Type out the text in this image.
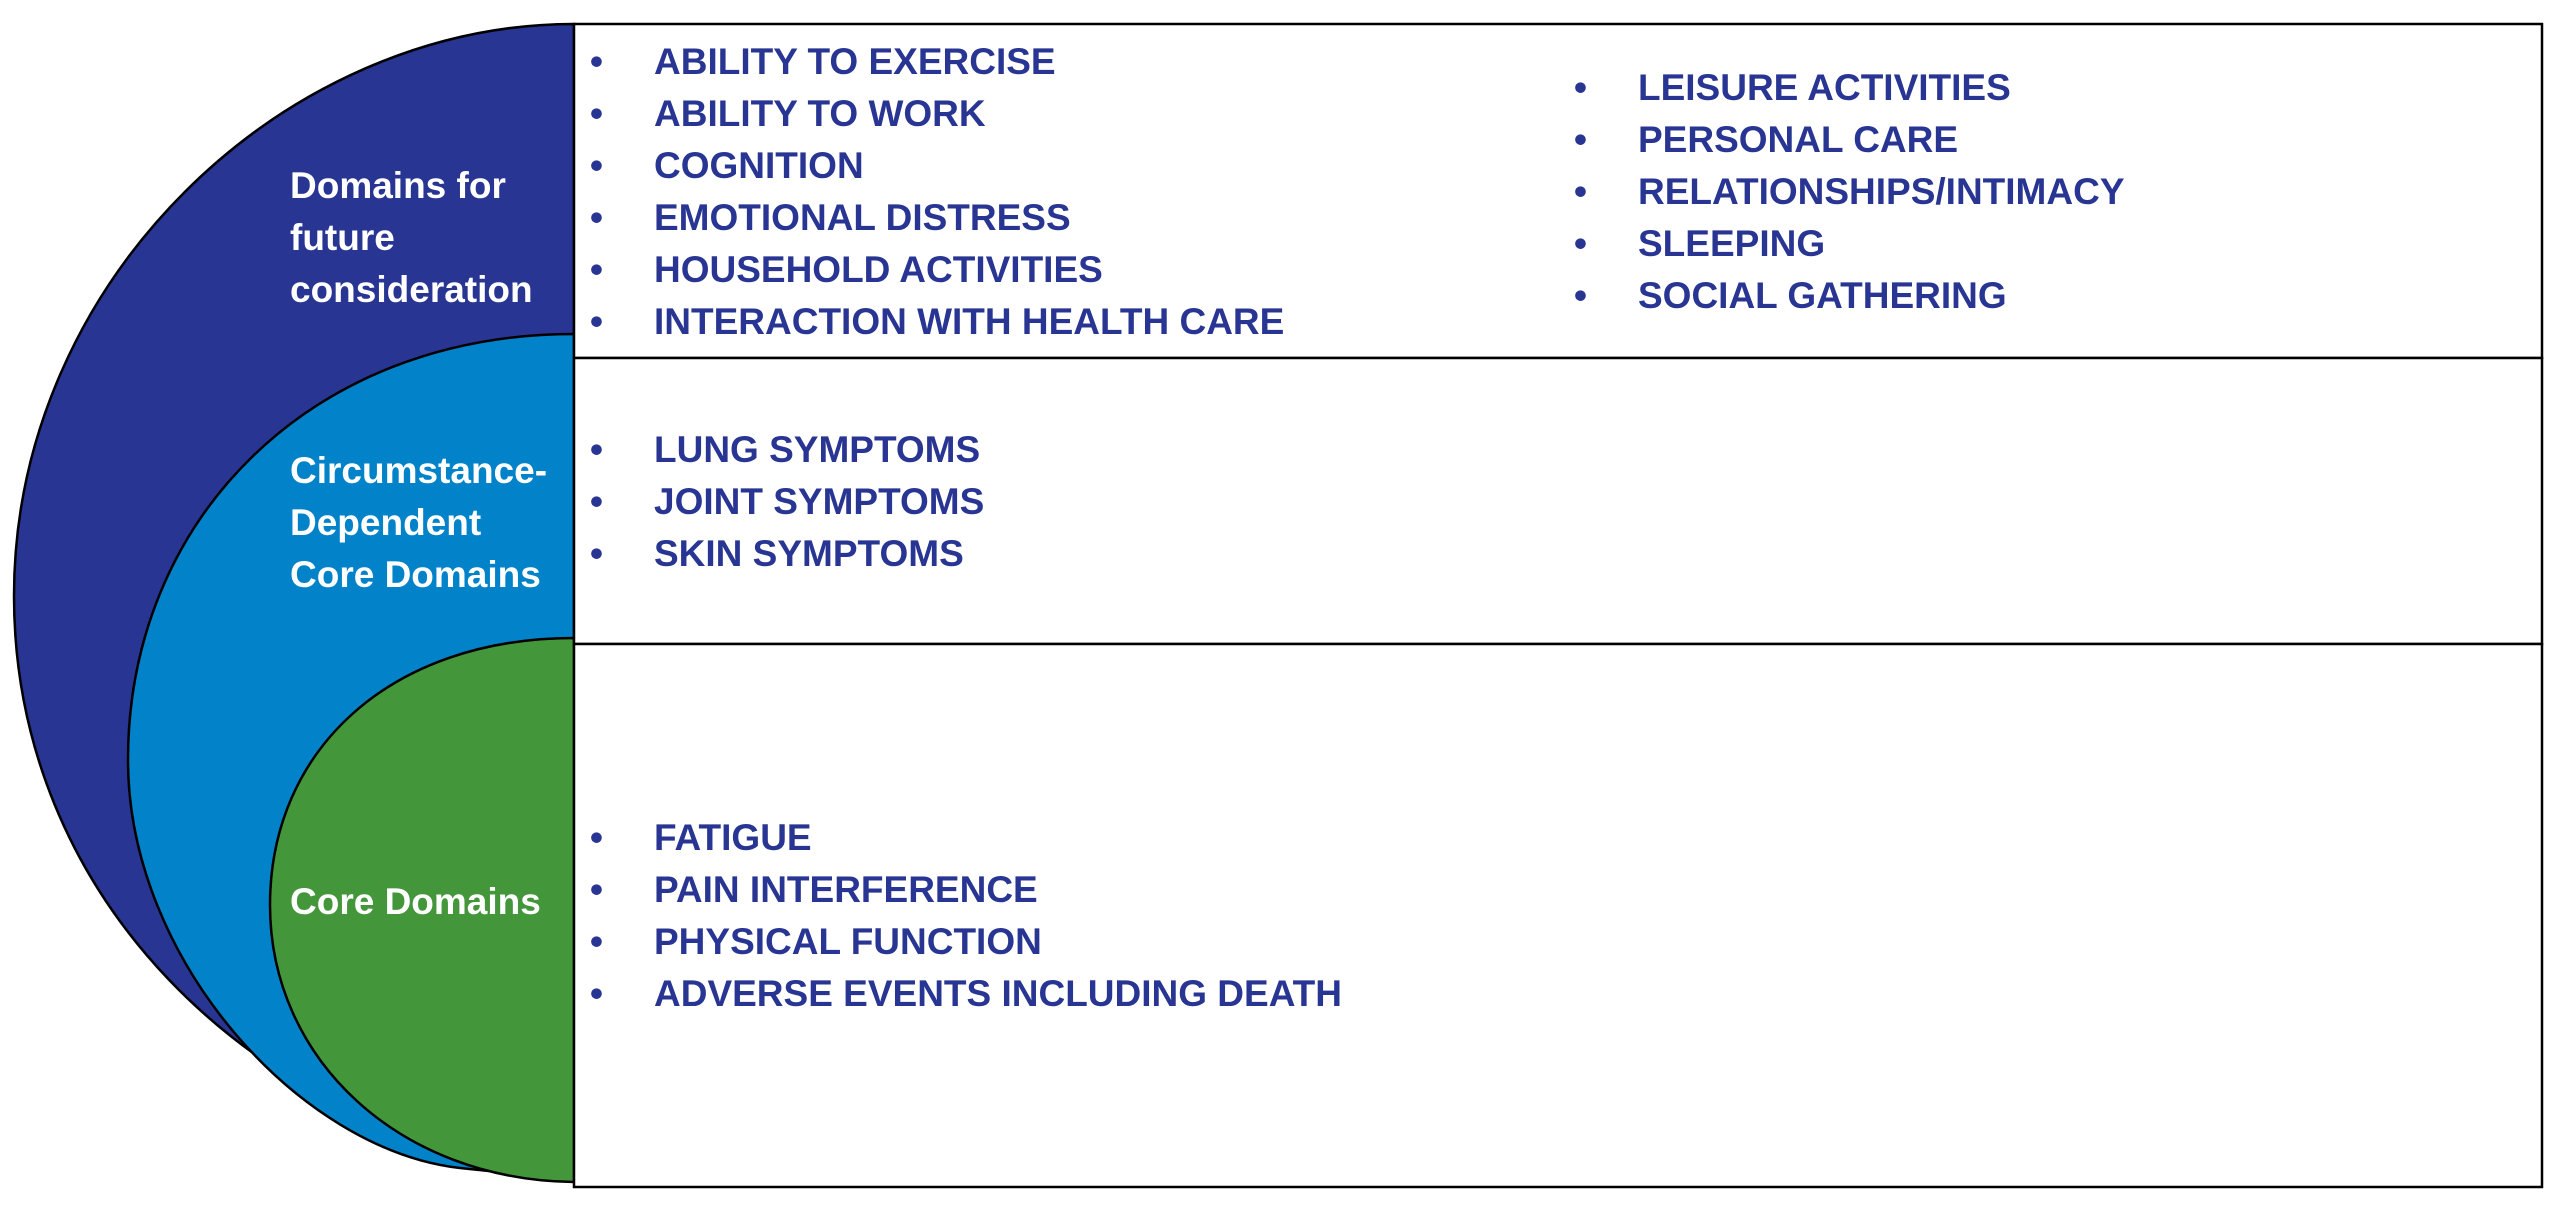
Domains for
future
consideration
Circumstance-
Dependent
Core Domains
Core Domains
• ABILITY TO EXERCISE
• ABILITY TO WORK
• COGNITION
• EMOTIONAL DISTRESS
• HOUSEHOLD ACTIVITIES
• INTERACTION WITH HEALTH CARE
• LEISURE ACTIVITIES
• PERSONAL CARE
• RELATIONSHIPS/INTIMACY
• SLEEPING
• SOCIAL GATHERING
• LUNG SYMPTOMS
• JOINT SYMPTOMS
• SKIN SYMPTOMS
• FATIGUE
• PAIN INTERFERENCE
• PHYSICAL FUNCTION
• ADVERSE EVENTS INCLUDING DEATH
